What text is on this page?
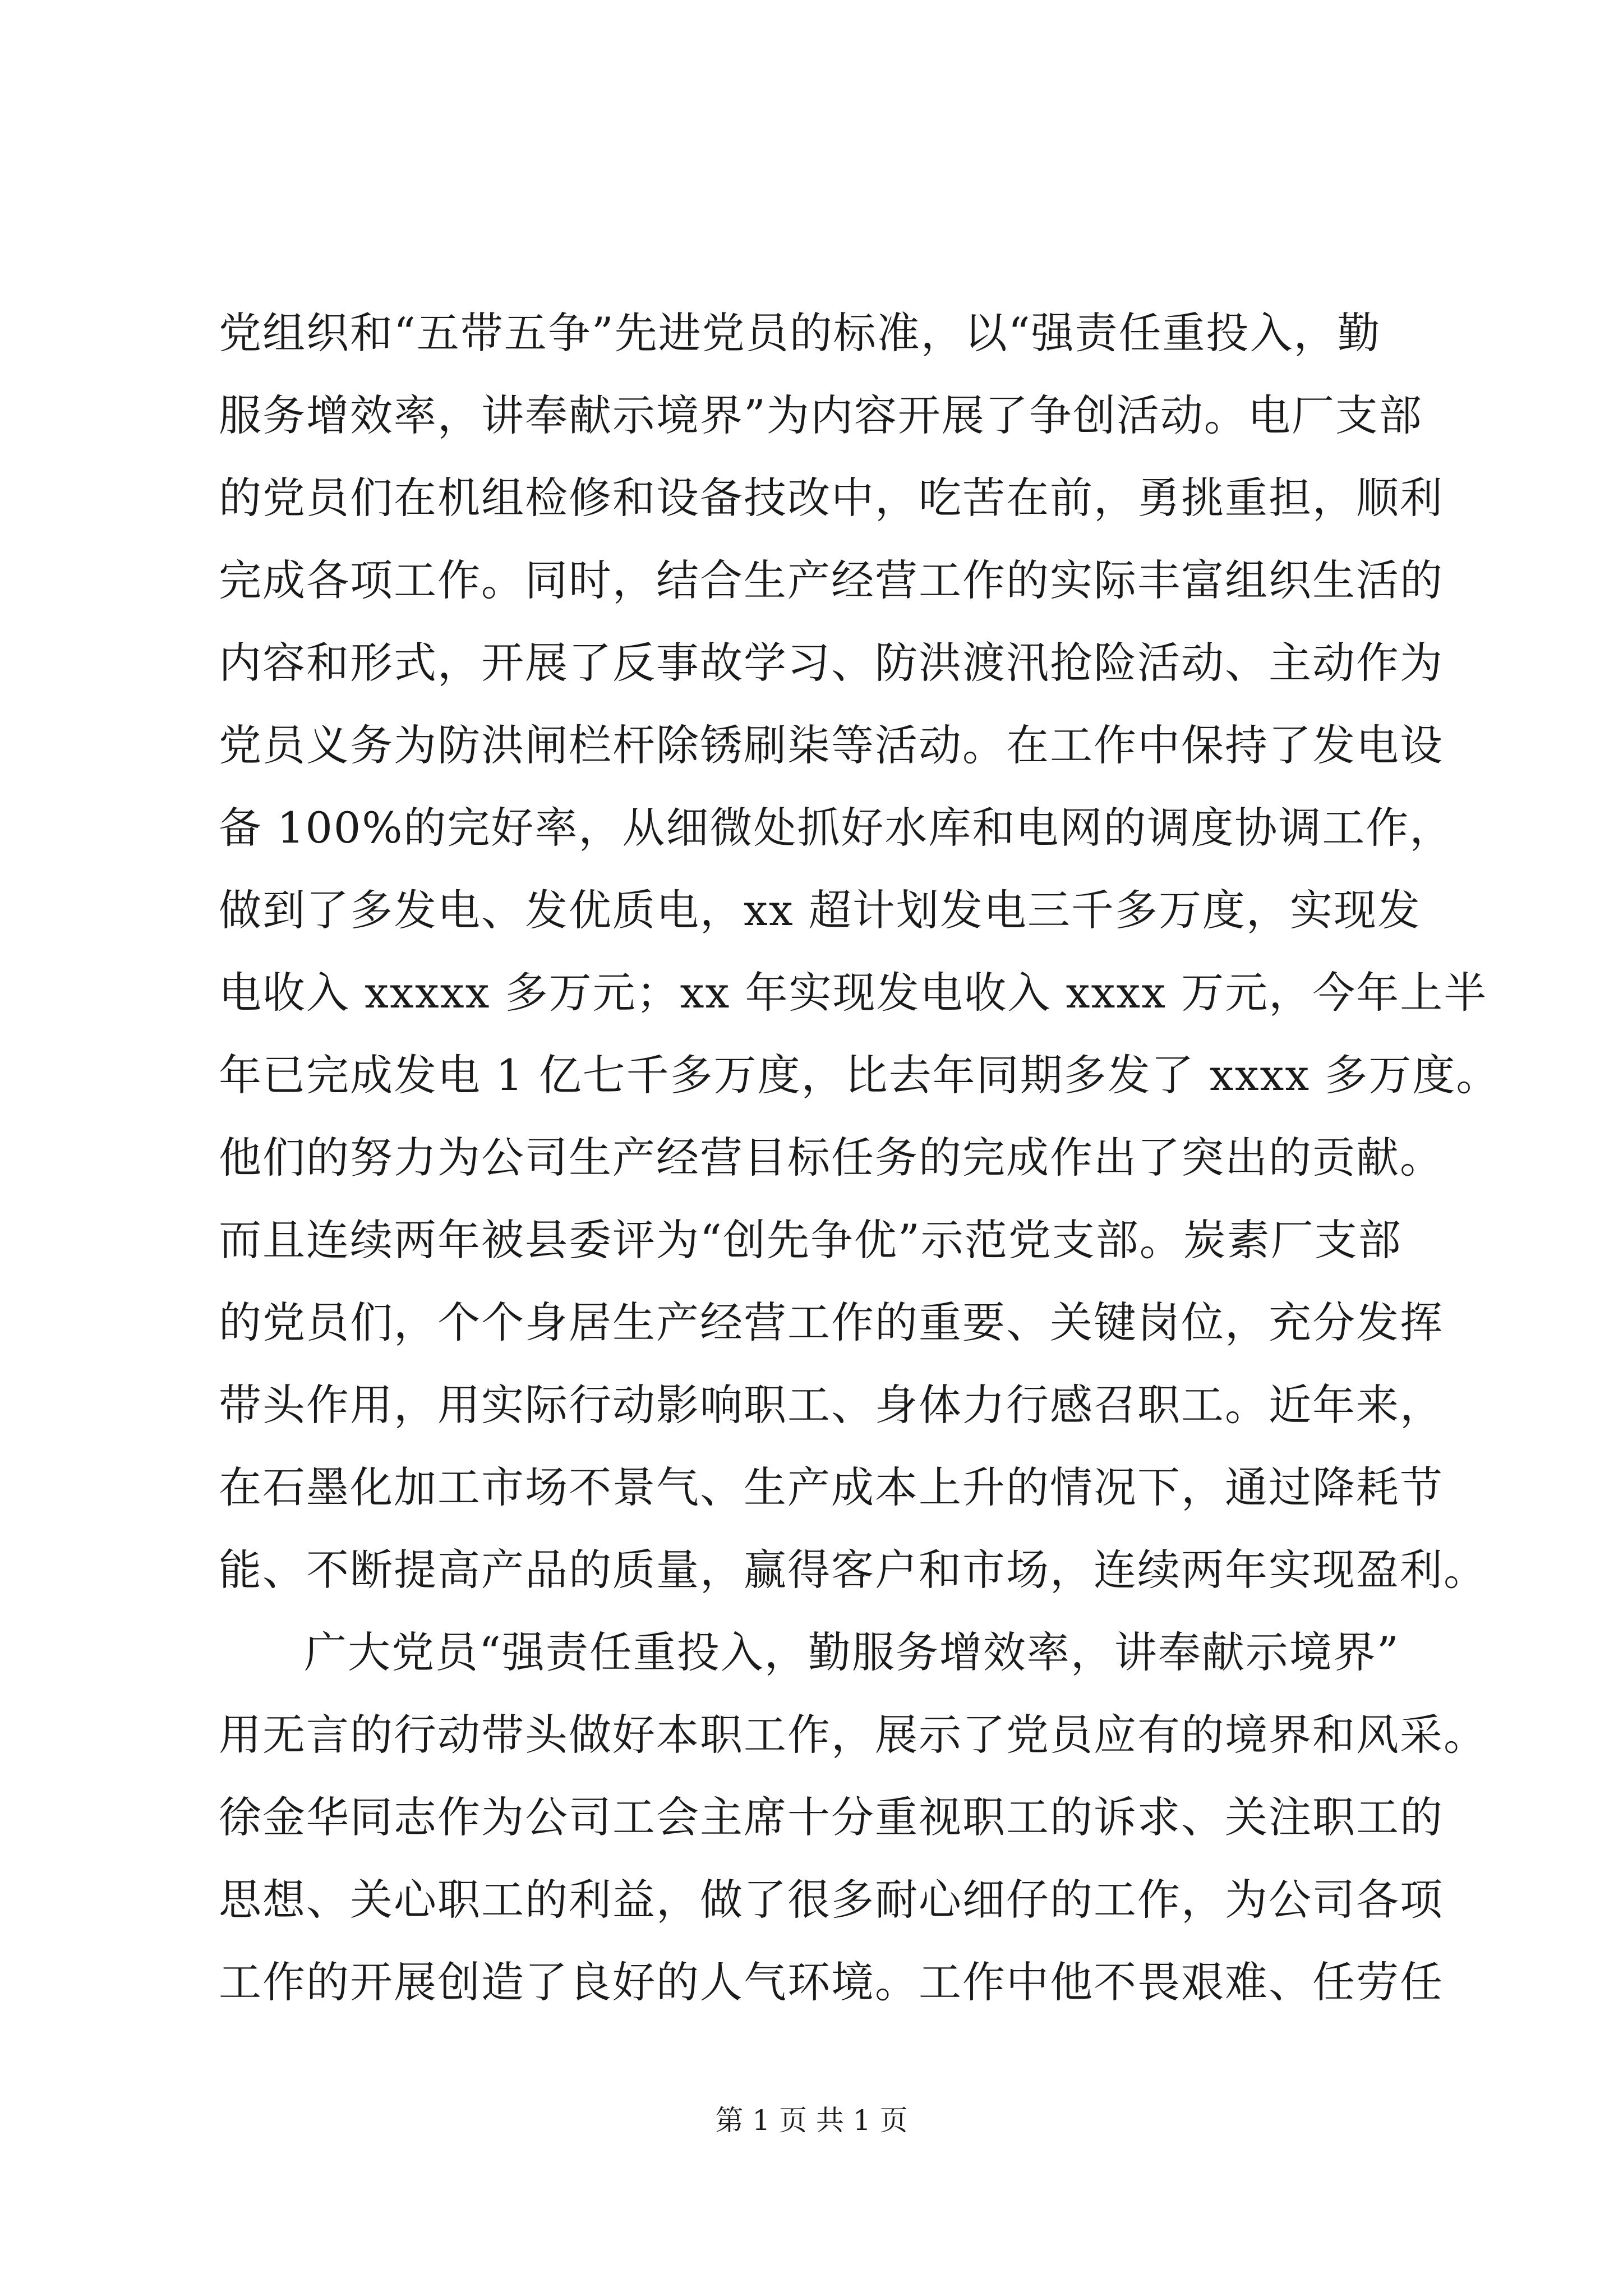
党组织和“五带五争”先进党员的标准，以“强责任重投入，勤
服务增效率，讲奉献示境界”为内容开展了争创活动。电厂支部
的党员们在机组检修和设备技改中，吃苦在前，勇挑重担，顺利
完成各项工作。同时，结合生产经营工作的实际丰富组织生活的
内容和形式，开展了反事故学习、防洪渡汛抢险活动、主动作为
党员义务为防洪闸栏杆除锈刷柒等活动。在工作中保持了发电设
备 100%的完好率，从细微处抓好水库和电网的调度协调工作，
做到了多发电、发优质电，xx 超计划发电三千多万度，实现发
电收入 xxxxx 多万元；xx 年实现发电收入 xxxx 万元，今年上半
年已完成发电 1 亿七千多万度，比去年同期多发了 xxxx 多万度。
他们的努力为公司生产经营目标任务的完成作出了突出的贡献。
而且连续两年被县委评为“创先争优”示范党支部。炭素厂支部
的党员们，个个身居生产经营工作的重要、关键岗位，充分发挥
带头作用，用实际行动影响职工、身体力行感召职工。近年来，
在石墨化加工市场不景气、生产成本上升的情况下，通过降耗节
能、不断提高产品的质量，赢得客户和市场，连续两年实现盈利。
广大党员“强责任重投入，勤服务增效率，讲奉献示境界”
用无言的行动带头做好本职工作，展示了党员应有的境界和风采。
徐金华同志作为公司工会主席十分重视职工的诉求、关注职工的
思想、关心职工的利益，做了很多耐心细仔的工作，为公司各项
工作的开展创造了良好的人气环境。工作中他不畏艰难、任劳任
第 1 页 共 1 页
